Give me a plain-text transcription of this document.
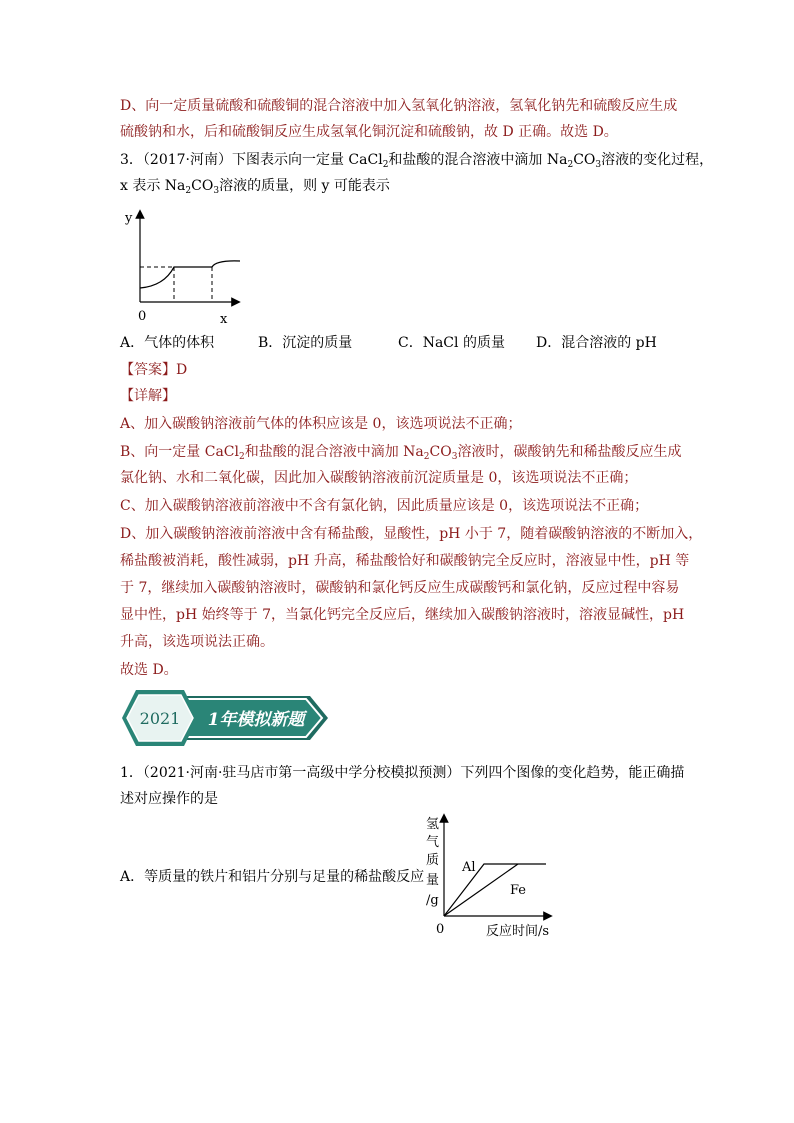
D、向一定质量硫酸和硫酸铜的混合溶液中加入氢氧化钠溶液，氢氧化钠先和硫酸反应生成
硫酸钠和水，后和硫酸铜反应生成氢氧化铜沉淀和硫酸钠，故 D 正确。故选 D。
3．（2017·河南）下图表示向一定量 CaCl$_2$和盐酸的混合溶液中滴加 $Na_2CO_3$溶液的变化过程，
x 表示 $Na_2CO_3$溶液的质量，则 y 可能表示
y
0	x
A．气体的体积	B．沉淀的质量	C．NaCl 的质量 D．混合溶液的 pH
【答案】D
【详解】
A、加入碳酸钠溶液前气体的体积应该是 0，该选项说法不正确；
B、向一定量 CaCl$_2$和盐酸的混合溶液中滴加 $Na_2CO_3$溶液时，碳酸钠先和稀盐酸反应生成
氯化钠、水和二氧化碳，因此加入碳酸钠溶液前沉淀质量是 0，该选项说法不正确；
C、加入碳酸钠溶液前溶液中不含有氯化钠，因此质量应该是 0，该选项说法不正确；
D、加入碳酸钠溶液前溶液中含有稀盐酸，显酸性，pH 小于 7，随着碳酸钠溶液的不断加入，
稀盐酸被消耗，酸性减弱，pH 升高，稀盐酸恰好和碳酸钠完全反应时，溶液显中性，pH 等
于 7，继续加入碳酸钠溶液时，碳酸钠和氯化钙反应生成碳酸钙和氯化钠，反应过程中容易
显中性，pH 始终等于 7，当氯化钙完全反应后，继续加入碳酸钠溶液时，溶液显碱性，pH
升高，该选项说法正确。
故选 D。
2021 1年模拟新题
1．（2021·河南·驻马店市第一高级中学分校模拟预测）下列四个图像的变化趋势，能正确描
述对应操作的是
A．等质量的铁片和铝片分别与足量的稀盐酸反应
氢
气
质
量
/g
Al
Fe
0	反应时间/s
